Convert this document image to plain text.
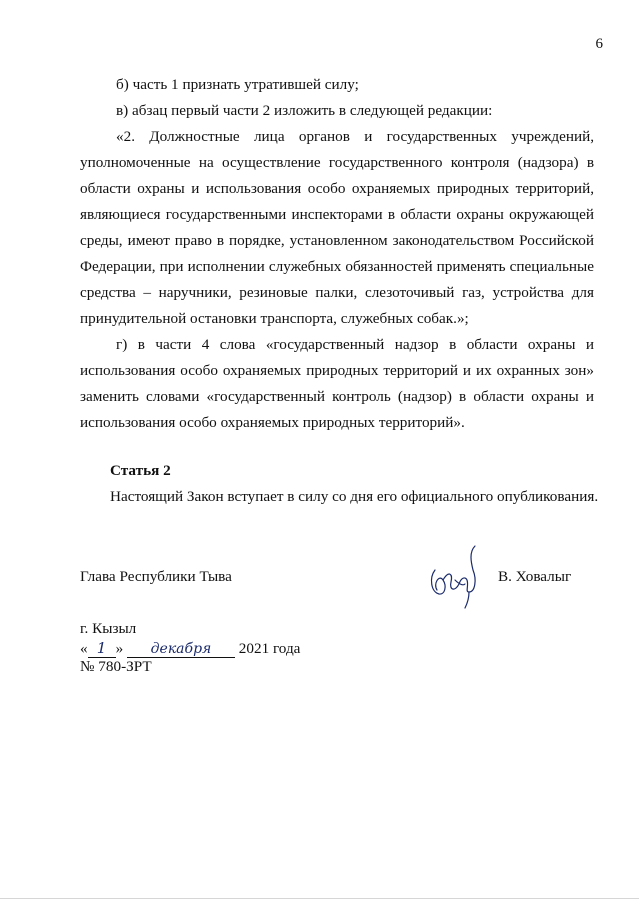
6
б) часть 1 признать утратившей силу;
в) абзац первый части 2 изложить в следующей редакции:
«2. Должностные лица органов и государственных учреждений,
уполномоченные на осуществление государственного контроля (надзора) в
области охраны и использования особо охраняемых природных территорий,
являющиеся государственными инспекторами в области охраны окружающей
среды, имеют право в порядке, установленном законодательством Российской
Федерации, при исполнении служебных обязанностей применять специальные
средства – наручники, резиновые палки, слезоточивый газ, устройства для
принудительной остановки транспорта, служебных собак.»;
г) в части 4 слова «государственный надзор в области охраны и
использования особо охраняемых природных территорий и их охранных зон»
заменить словами «государственный контроль (надзор) в области охраны и
использования особо охраняемых природных территорий».
Статья 2
Настоящий Закон вступает в силу со дня его официального опубликования.
Глава Республики Тыва	В. Ховалыг
г. Кызыл
« 1 » декабря 2021 года
№ 780-ЗРТ
